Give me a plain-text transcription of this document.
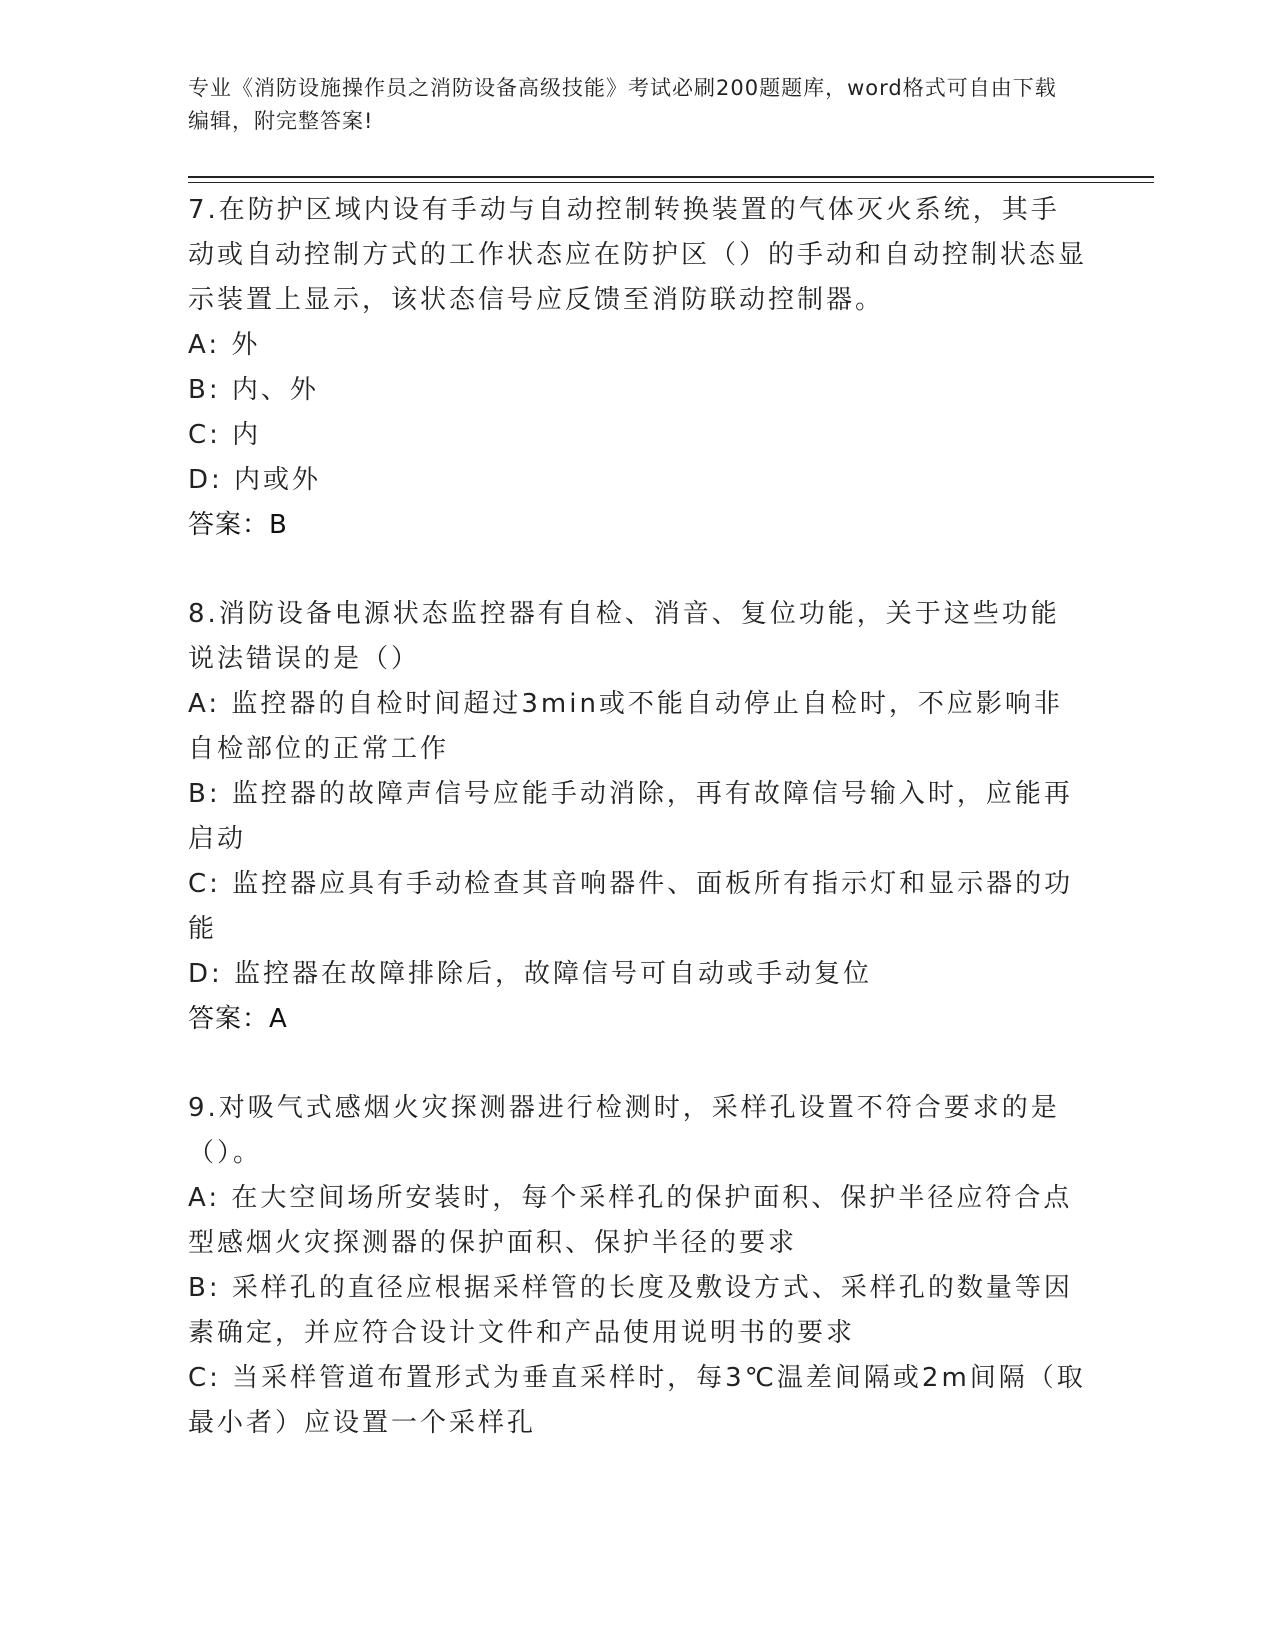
专业《消防设施操作员之消防设备高级技能》考试必刷200题题库，word格式可自由下载编辑，附完整答案!

7.在防护区域内设有手动与自动控制转换装置的气体灭火系统，其手动或自动控制方式的工作状态应在防护区（）的手动和自动控制状态显示装置上显示，该状态信号应反馈至消防联动控制器。

A: 外

B: 内、外

C: 内

D: 内或外

答案：B

8.消防设备电源状态监控器有自检、消音、复位功能，关于这些功能说法错误的是（）

A: 监控器的自检时间超过3min或不能自动停止自检时，不应影响非自检部位的正常工作

B: 监控器的故障声信号应能手动消除，再有故障信号输入时，应能再启动

C: 监控器应具有手动检查其音响器件、面板所有指示灯和显示器的功能

D: 监控器在故障排除后，故障信号可自动或手动复位

答案：A

9.对吸气式感烟火灾探测器进行检测时，采样孔设置不符合要求的是（）。

A: 在大空间场所安装时，每个采样孔的保护面积、保护半径应符合点型感烟火灾探测器的保护面积、保护半径的要求

B: 采样孔的直径应根据采样管的长度及敷设方式、采样孔的数量等因素确定，并应符合设计文件和产品使用说明书的要求

C: 当采样管道布置形式为垂直采样时，每3℃温差间隔或2m间隔（取最小者）应设置一个采样孔
